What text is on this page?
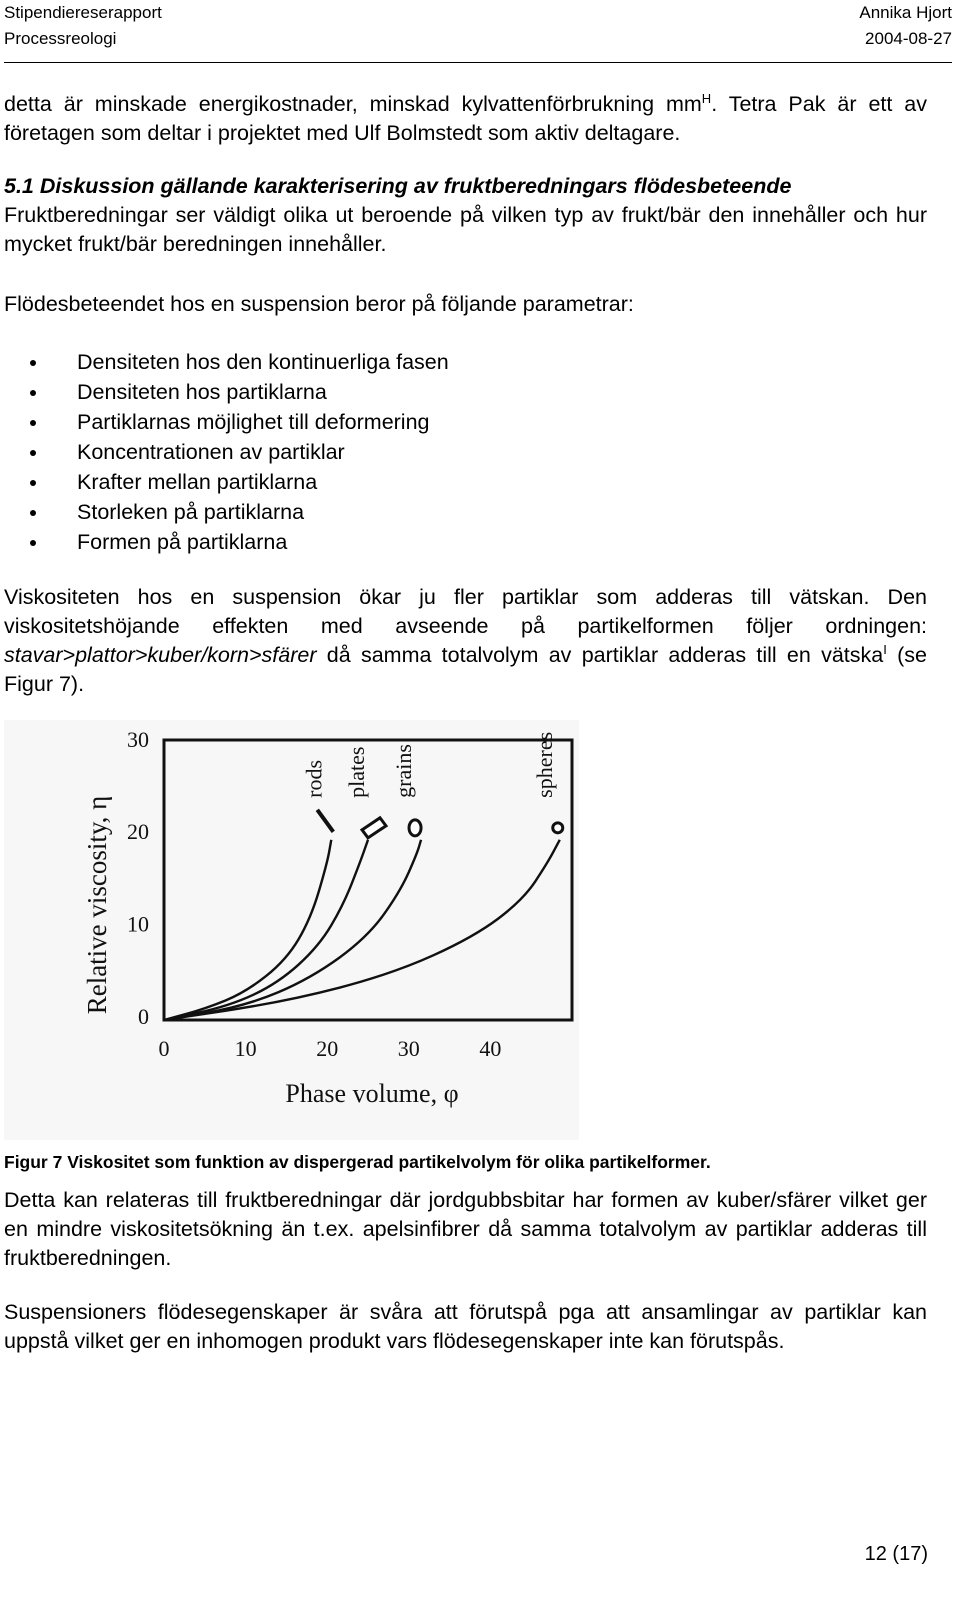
Stipendiereserapport
Processreologi
Annika Hjort
2004-08-27

detta är minskade energikostnader, minskad kylvattenförbrukning $mm^H$. Tetra Pak är ett av företagen som deltar i projektet med Ulf Bolmstedt som aktiv deltagare.

5.1 Diskussion gällande karakterisering av fruktberedningars flödesbeteende

Fruktberedningar ser väldigt olika ut beroende på vilken typ av frukt/bär den innehåller och hur mycket frukt/bär beredningen innehåller.

Flödesbeteendet hos en suspension beror på följande parametrar:

Densiteten hos den kontinuerliga fasen
Densiteten hos partiklarna
Partiklarnas möjlighet till deformering
Koncentrationen av partiklar
Krafter mellan partiklarna
Storleken på partiklarna
Formen på partiklarna

Viskositeten hos en suspension ökar ju fler partiklar som adderas till vätskan. Den viskositetshöjande effekten med avseende på partikelformen följer ordningen: stavar>plattor>kuber/korn>sfärer då samma totalvolym av partiklar adderas till en vätska$^I$ (se Figur 7).

0
10
20
30
0	10	20	30	40
rods plates grains	spheres
Relative viscosity, η
Phase volume, φ
Figur 7 Viskositet som funktion av dispergerad partikelvolym för olika partikelformer.

Detta kan relateras till fruktberedningar där jordgubbsbitar har formen av kuber/sfärer vilket ger en mindre viskositetsökning än t.ex. apelsinfibrer då samma totalvolym av partiklar adderas till fruktberedningen.

Suspensioners flödesegenskaper är svåra att förutspå pga att ansamlingar av partiklar kan uppstå vilket ger en inhomogen produkt vars flödesegenskaper inte kan förutspås.

12 (17)
